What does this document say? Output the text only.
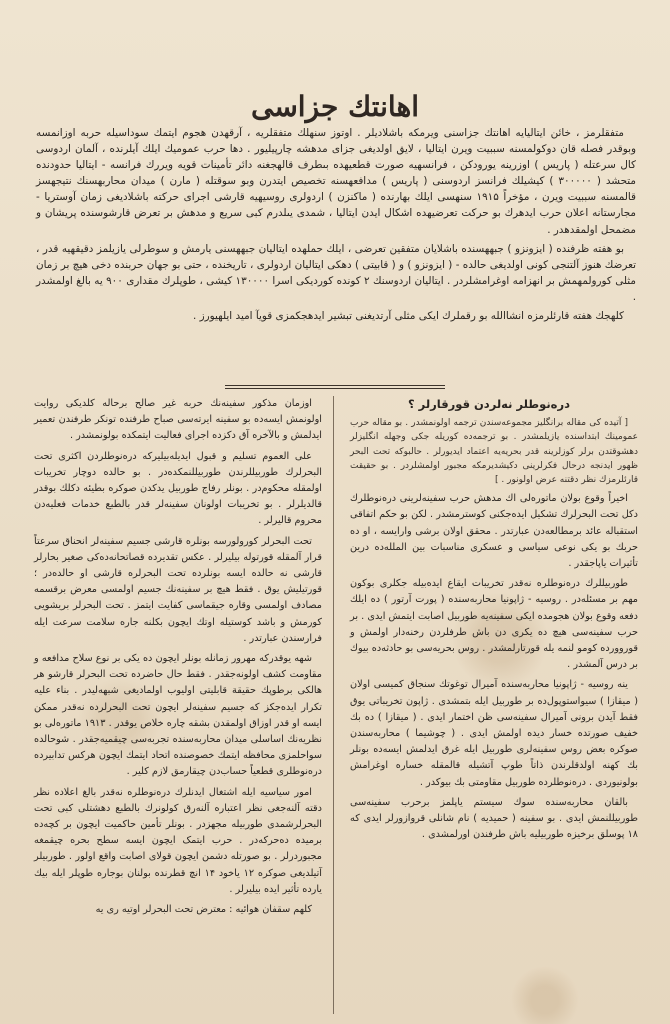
اهانتك جزاسی

متفقلرمز ، خائن ايتاليايه اهانتك جزاسنى ويرمكه باشلاديلر . اوتوز سنهلك متفقلريه ، آرقهدن هجوم ايتمك سوداسيله حربه اوزانمسه وبوقدر فصله قان دوكولمسنه سببيت ويرن ايتاليا ، لايق اولديغى جزای مدهشه چارپيليور . دها حرب عموميك ايلك آيلرنده ، آلمان اردوسی كال سرعتله ( پاريس ) اوزرينه يورودكن ، فرانسهيه صورت قطعيهده بىطرف قالهجغنه دائر تأمينات قويه ويررك فرانسه - ايتاليا حدودنده متحشد ( ۳۰۰۰۰۰ ) كيشيلك فرانسز اردوسنی ( پاريس ) مدافعهسنه تخصيص ايتدرن وبو سوقتله ( مارن ) ميدان محاربهسنك نتيجهسز قالمسنه سببيت ويرن ، مؤخراً ۱۹۱۵ سنهسی ايلك بهارنده ( ماكنزن ) اردولری روسيهيه قارشی اجرای حركته باشلاديغی زمان آوستريا - مجارستانه اعلان حرب ايدهرك بو حركت تعرضيهده اشكال ايدن ايتاليا ، شمدی يىلدرم كبی سريع و مدهش بر تعرض قارشوسنده پريشان و مضمحل اولمقدهدر .

بو هفته ظرفنده ( ايزونزو ) جبههسنده باشلايان متفقين تعرضی ، ايلك حملهده ايتاليان جبههسنی يارمش و سوطرلی يازيلمز دقيقهيه قدر ، تعرضك هنوز آلتنجی كونی اولديغی حالده - ( ايزونزو ) و ( قابيتی ) دهكی ايتاليان اردولری ، تاريخنده ، حتی بو جهان حربنده دخی هيچ بر زمان مثلی كورولمهمش بر انهزامه اوغرامشلردر . ايتاليان اردوسنك ۲ كونده كوردیكی اسرا ۱۳۰۰۰۰ كيشی ، طوپلرك مقداری ۹۰۰ يه بالغ اولمشدر .

كلهجك هفته قارئلرمزه انشاالله بو رقملرك ايكی مثلی آرتديغنی تبشير ايدهجكمزی قويآ اميد ايلهيورز .

دره‌نوطلر نه‌لردن قورقارلر ؟

[ آتيده كی مقاله برانگلیز مجموعه‌سندن ترجمه اولونمشدر . بو مقاله حرب عمومینك ابتداسنده یازیلمشدر . بو ترجمه‌ده کوریله جکی وجهله انگلیزلر دهشوقتدن برلر كوزلرینه قدر بحریه‌یه اعتماد ایدیورلر . حالبوکه تحت البحر ظهور ایدنجه درحال فکرلرینی دکیشدیرمکه مجبور اولمشلردر . بو حقیقت قارئلرمزك نظر دقتنه عرض اولونور . ]

اخیراً وقوع بولان ماتوره‌لی اك مدهش حرب سفینه‌لرینی دره‌نوطلرك دكل تحت البحرلرك تشكیل ایده‌جكنی كوسترمشدر . لكن بو حكم اتفاقی استقباله عائد برمطالعه‌دن عبارتدر . محقق اولان برشی وارایسه ، او ده حربك بو یكی نوعی سیاسی و عسكری مناسبات بین الملله‌ده درین تأثیرات یاپاجقدر .

طوربیللرك دره‌نوطلره نه‌قدر تخریبات ایقاع ایده‌بیله جكلری بوكون مهم بر مسئله‌در . روسیه - ژاپونیا محاربه‌سنده ( پورت آرتور ) ده ایلك دفعه وقوع بولان هجومده ایکی سفینه‌یه طوربیل اصابت ایتمش ایدی . بر حرب سفینه‌سی هیچ ده یکری دن باش طرفلردن رخنه‌دار اولمش و قوروورده كومو لنمه‌ یله قورتارلمشدر . روس بحریه‌سی بو حادثه‌ده بیوك بر درس آلمشدر .

ینه روسیه - ژاپونیا محاربه‌سنده آمیرال توغوتك سنجاق كمیسی اولان ( میقازا ) سیواستوپول‌ده بر طوربیل ایله بتمشدی . ژاپون تخریباتی یوق فقط آیدن برونی آمیرال سفینه‌سی ظن اختمار ایدی . ( میقازا ) ده بك خفیف صورتده خسار دیده اولمش ایدی . ( چوشیما ) محاربه‌سندن صوكره بعض روس سفینه‌لری طوربیل ایله غرق ایدلمش ایسه‌ده بونلر بك كهنه اولدقلرندن ذاتاً طوپ آتشیله قالمقله خساره اوغرامش بولونیوردی . دره‌نوطلرده طوربیل مقاومتی بك بیوکدر .

بالقان محاربه‌سنده سوك سیستم یاپلمز برحرب سفینه‌سی طوربیللنمش ایدی . بو سفینه ( حمیدیه ) نام شانلی قروازورلر ایدی كه ۱۸ پوسلق برخیزه طوربیلیه باش طرفندن اورلمشدی .

اوزمان مذكور سفینه‌نك حربه غیر صالح برحاله كلدیكی روایت اولونمش ایسه‌ده بو سفینه ایرته‌سی صباح طرفنده تونکر طرفندن تعمیر ایدلمش و بالآخره آق دكزده اجرای فعالیت ایتمکده بولونمشدر .

علی العموم تسلیم و قبول ایدیله‌بیلیركه دره‌نوطلردن اكثری تحت البحرلرك طوربیللرندن طوربیللنمکده‌در . بو حالده دوچار تخریبات اولمقله محکوم‌در . بونلر رفاج طوربیل یدكدن صوكره بطیئه دكلك بوقدر قالدیلرلر . بو تخریبات اولونان سفینه‌لر قدر بالطبع خدمات فعلیه‌دن محروم قالیرلر .

تحت البحرلر كورولورسه بونلره قارشی جسیم سفینه‌لر انحناق سرعتاً قرار آلمقله قورتوله بیلیرلر . عكس تقدیرده قصاتحانه‌ده‌كی صغیر بحارلر قارشی نه حالده ایسه بونلرده تحت البحرلره قارشی او حالده‌در ؛ قورتیلیش یوق . فقط هیچ بر سفینه‌نك جسیم‌ اولمسی معرض برقسمه مصادف اولمسی وقاره جیقماسی كفایت ایتمز . تحت البحرلر بریشویی كورمش و باشد كوستیله‌ اوتك ایچون بكلنه جاره سلامت سرعت ایله فرارسندن عبارتدر .

شهه یوقدرکه مهرور زمانله بونلر ایچون ده یکی بر نوع سلاح مدافعه و مقاومت کشف اولونه‌جقدر . فقط حال حاضرده تحت البحرلر قارشو هر هالکی برطوپك حقیقة قابلیتی اولیوب اولمادیغی شبهه‌لیدر . بناء علیه تکرار ایده‌جكز كه جسیم سفینه‌لر ایچون تحت البحرلرده نه‌قدر ممكن ایسه او قدر اوزاق اولمقدن بشقه چاره خلاص یوقدر . ۱۹۱۳ ماتوره‌لی بو نظریه‌نك اساسلی میدان محاربه‌سنده تجربه‌سی چیقمیه‌جقدر . شوحالده سواحلمزی محافظه ایتمك خصوصنده اتحاد ایتمك ایچون هركس تدابیرده دره‌نوطلری قطعیاً حساب‌دن چیقارمق لازم كلیر .

امور سیاسیه ایله‌ اشتغال ایدنلرك دره‌نوطلره نه‌قدر بالغ‌ اعلاده نظر دقته آلنه‌جغی نظر اعتباره آلنه‌رق كولونرك بالطبع دهشتلی كبی تحت البحرلرشمدی طوربیله مجهزدر . بونلر تأمین حاکمیت ایچون بر کچه‌ده برمیده ده‌حرکه‌در . حرب ایتمک ایچون ایسه سطح بحره‌ چیقمغه مجبوردرلر . بو صورتله دشمن ایچون قولای اصابت واقع اولور . طوربیلر آتیلدیغی صوکره ۱۲ یاخود ۱۴ انچ قطرنده بولنان بوجاره طوپلر ایله بیك یارده تأثیر ایده بیلیرلر .

كلهم سقفان هوائیه : معترض تحت البحرلر اوتیه ری یه
